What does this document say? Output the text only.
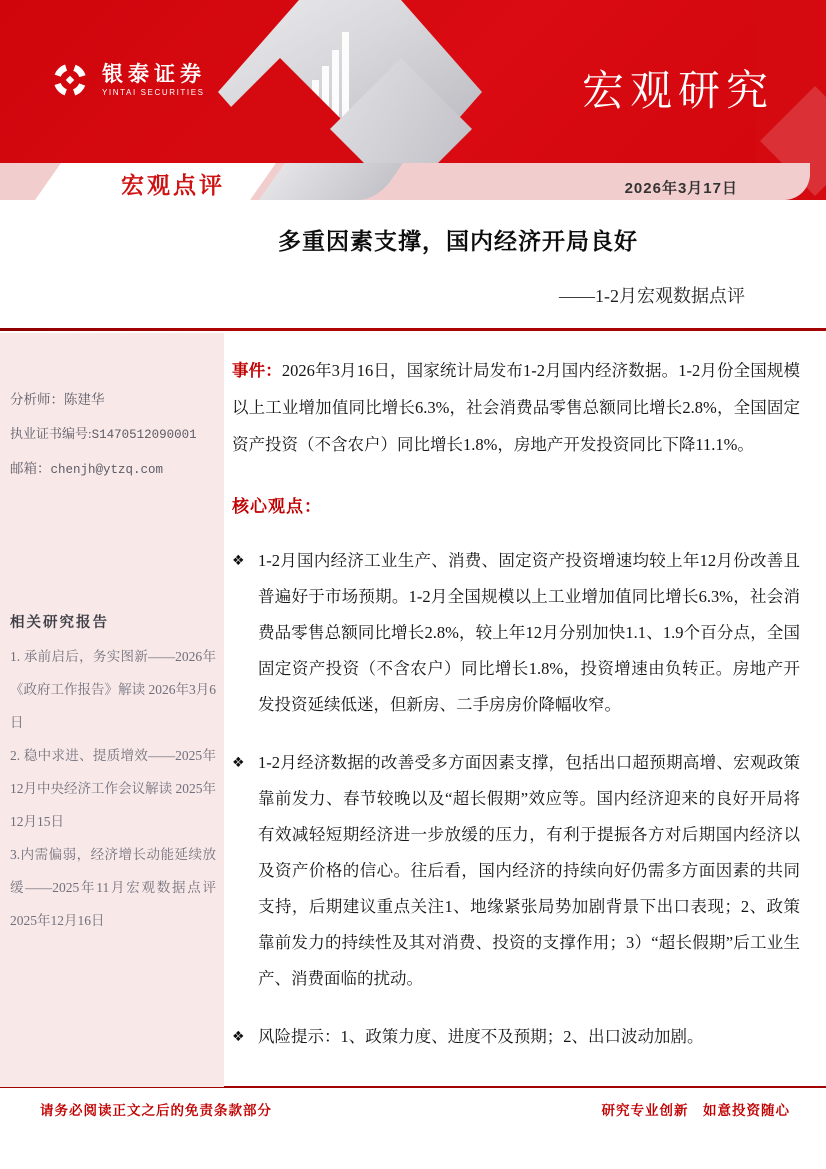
银泰证券
YINTAI SECURITIES	宏观研究
宏观点评	2026年3月17日
多重因素支撑，国内经济开局良好
——1-2月宏观数据点评
分析师：陈建华
执业证书编号:S1470512090001
邮箱：chenjh@ytzq.com
相关研究报告
1. 承前启后，务实图新——2026年《政府工作报告》解读 2026年3月6日
2. 稳中求进、提质增效——2025年12月中央经济工作会议解读 2025年12月15日
3.内需偏弱，经济增长动能延续放缓——2025年11月宏观数据点评 2025年12月16日

事件：2026年3月16日，国家统计局发布1-2月国内经济数据。1-2月份全国规模以上工业增加值同比增长6.3%，社会消费品零售总额同比增长2.8%，全国固定资产投资（不含农户）同比增长1.8%，房地产开发投资同比下降11.1%。

核心观点：
❖ 1-2月国内经济工业生产、消费、固定资产投资增速均较上年12月份改善且普遍好于市场预期。1-2月全国规模以上工业增加值同比增长6.3%，社会消费品零售总额同比增长2.8%，较上年12月分别加快1.1、1.9个百分点，全国固定资产投资（不含农户）同比增长1.8%，投资增速由负转正。房地产开发投资延续低迷，但新房、二手房房价降幅收窄。
❖ 1-2月经济数据的改善受多方面因素支撑，包括出口超预期高增、宏观政策靠前发力、春节较晚以及“超长假期”效应等。国内经济迎来的良好开局将有效减轻短期经济进一步放缓的压力，有利于提振各方对后期国内经济以及资产价格的信心。往后看，国内经济的持续向好仍需多方面因素的共同支持，后期建议重点关注1、地缘紧张局势加剧背景下出口表现；2、政策靠前发力的持续性及其对消费、投资的支撑作用；3）“超长假期”后工业生产、消费面临的扰动。
❖ 风险提示：1、政策力度、进度不及预期；2、出口波动加剧。
请务必阅读正文之后的免责条款部分	研究专业创新　如意投资随心
